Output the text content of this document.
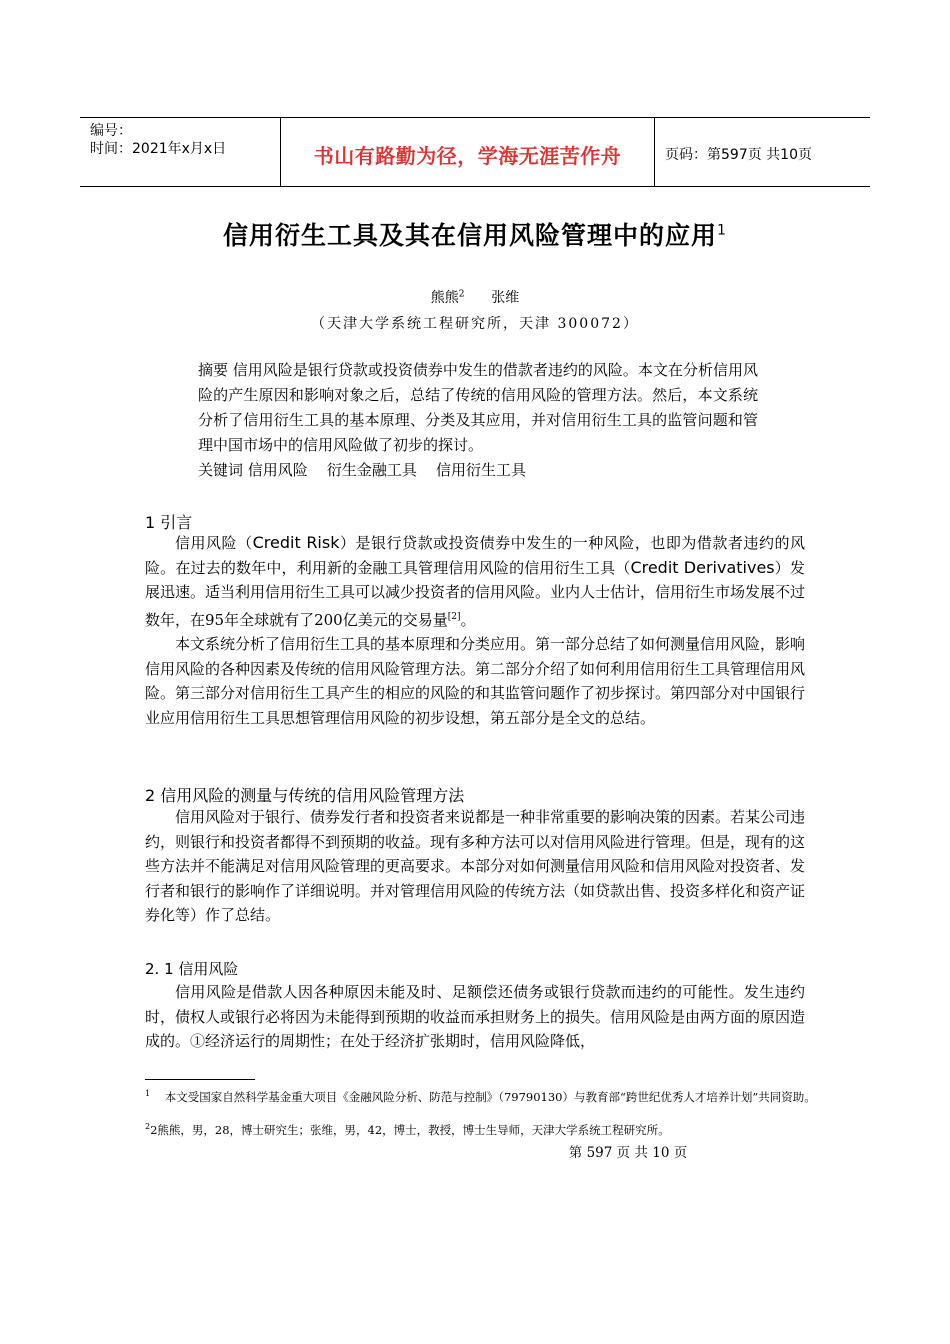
编号：
时间：2021年x月x日	书山有路勤为径，学海无涯苦作舟	页码：第597页 共10页
信用衍生工具及其在信用风险管理中的应用$^1$
熊熊$^2$ 张维
（天津大学系统工程研究所，天津 300072）
摘要 信用风险是银行贷款或投资债券中发生的借款者违约的风险。本文在分析信用风险的产生原因和影响对象之后，总结了传统的信用风险的管理方法。然后，本文系统分析了信用衍生工具的基本原理、分类及其应用，并对信用衍生工具的监管问题和管理中国市场中的信用风险做了初步的探讨。
关键词 信用风险    衍生金融工具    信用衍生工具
1 引言

信用风险（Credit Risk）是银行贷款或投资债券中发生的一种风险，也即为借款者违约的风险。在过去的数年中，利用新的金融工具管理信用风险的信用衍生工具（Credit Derivatives）发展迅速。适当利用信用衍生工具可以减少投资者的信用风险。业内人士估计，信用衍生市场发展不过数年，在95年全球就有了200亿美元的交易量[2]。

本文系统分析了信用衍生工具的基本原理和分类应用。第一部分总结了如何测量信用风险，影响信用风险的各种因素及传统的信用风险管理方法。第二部分介绍了如何利用信用衍生工具管理信用风险。第三部分对信用衍生工具产生的相应的风险的和其监管问题作了初步探讨。第四部分对中国银行业应用信用衍生工具思想管理信用风险的初步设想，第五部分是全文的总结。

2 信用风险的测量与传统的信用风险管理方法

信用风险对于银行、债券发行者和投资者来说都是一种非常重要的影响决策的因素。若某公司违约，则银行和投资者都得不到预期的收益。现有多种方法可以对信用风险进行管理。但是，现有的这些方法并不能满足对信用风险管理的更高要求。本部分对如何测量信用风险和信用风险对投资者、发行者和银行的影响作了详细说明。并对管理信用风险的传统方法（如贷款出售、投资多样化和资产证券化等）作了总结。

2. 1 信用风险

信用风险是借款人因各种原因未能及时、足额偿还债务或银行贷款而违约的可能性。发生违约时，债权人或银行必将因为未能得到预期的收益而承担财务上的损失。信用风险是由两方面的原因造成的。①经济运行的周期性；在处于经济扩张期时，信用风险降低，

$^1$ 本文受国家自然科学基金重大项目《金融风险分析、防范与控制》（79790130）与教育部“跨世纪优秀人才培养计划”共同资助。
$^2$2熊熊，男，28，博士研究生；张维，男，42，博士，教授，博士生导师，天津大学系统工程研究所。
第 597 页 共 10 页
